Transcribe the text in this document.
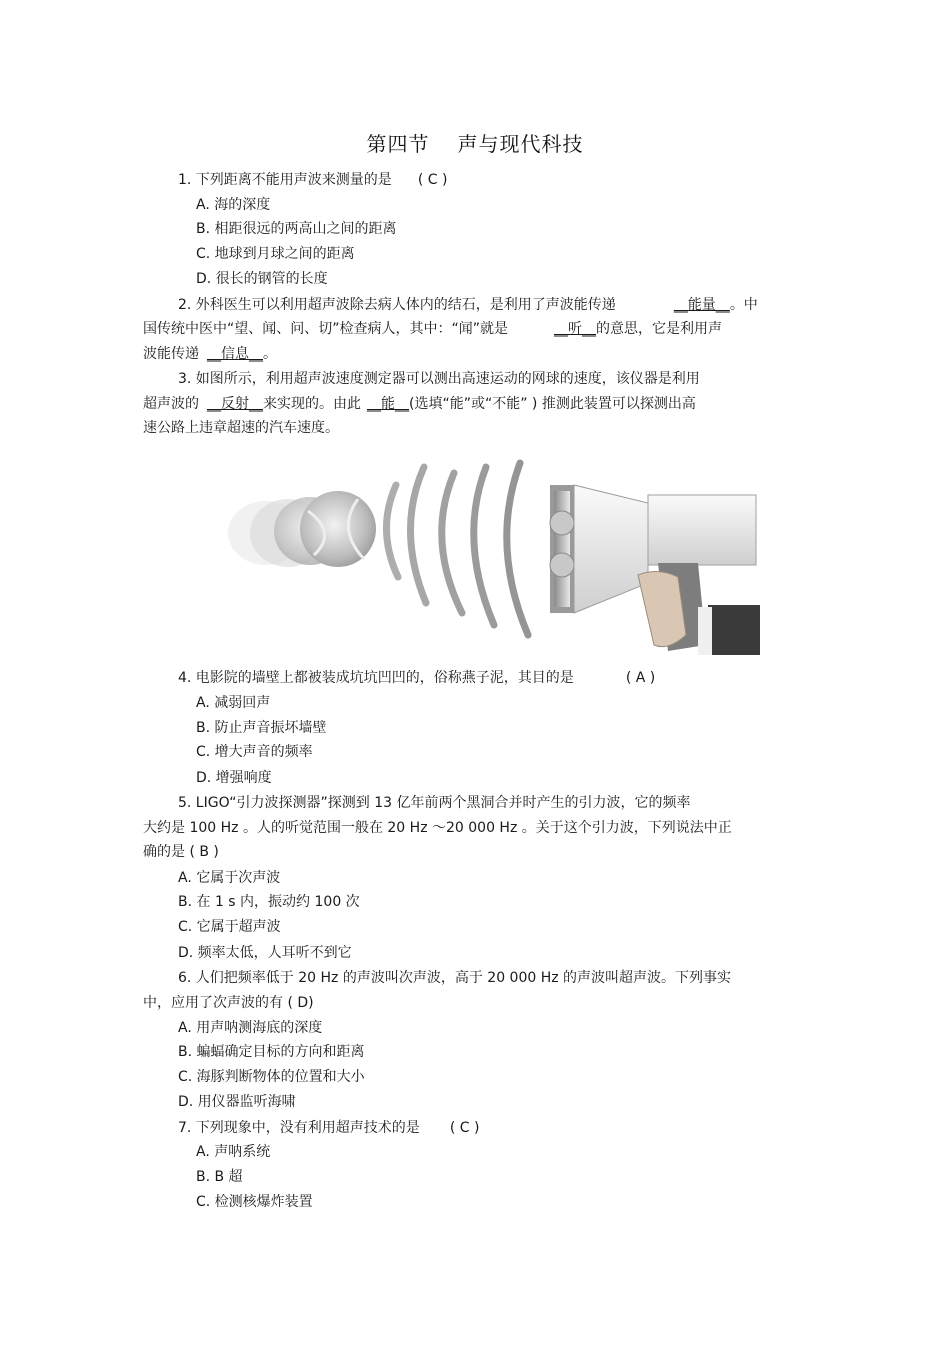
第四节 声与现代科技
1. 下列距离不能用声波来测量的是 ( C )
A. 海的深度
B. 相距很远的两高山之间的距离
C. 地球到月球之间的距离
D. 很长的钢管的长度
2. 外科医生可以利用超声波除去病人体内的结石，是利用了声波能传递	__能量__。中
国传统中医中“望、闻、问、切”检查病人，其中：“闻”就是	__听__的意思，它是利用声
波能传递 __信息__。
3. 如图所示，利用超声波速度测定器可以测出高速运动的网球的速度，该仪器是利用
超声波的 __反射__来实现的。由此 __能__(选填“能”或“不能” ) 推测此装置可以探测出高
速公路上违章超速的汽车速度。
4. 电影院的墙壁上都被装成坑坑凹凹的，俗称燕子泥，其目的是	( A )
A. 减弱回声
B. 防止声音振坏墙壁
C. 增大声音的频率
D. 增强响度
5. LIGO“引力波探测器”探测到 13 亿年前两个黑洞合并时产生的引力波，它的频率
大约是 100 Hz 。人的听觉范围一般在 20 Hz ～20 000 Hz 。关于这个引力波，下列说法中正
确的是 ( B )
A. 它属于次声波
B. 在 1 s 内，振动约 100 次
C. 它属于超声波
D. 频率太低，人耳听不到它
6. 人们把频率低于 20 Hz 的声波叫次声波，高于 20 000 Hz 的声波叫超声波。下列事实
中，应用了次声波的有 ( D)
A. 用声呐测海底的深度
B. 蝙蝠确定目标的方向和距离
C. 海豚判断物体的位置和大小
D. 用仪器监听海啸
7. 下列现象中，没有利用超声技术的是 ( C )
A. 声呐系统
B. B 超
C. 检测核爆炸装置
